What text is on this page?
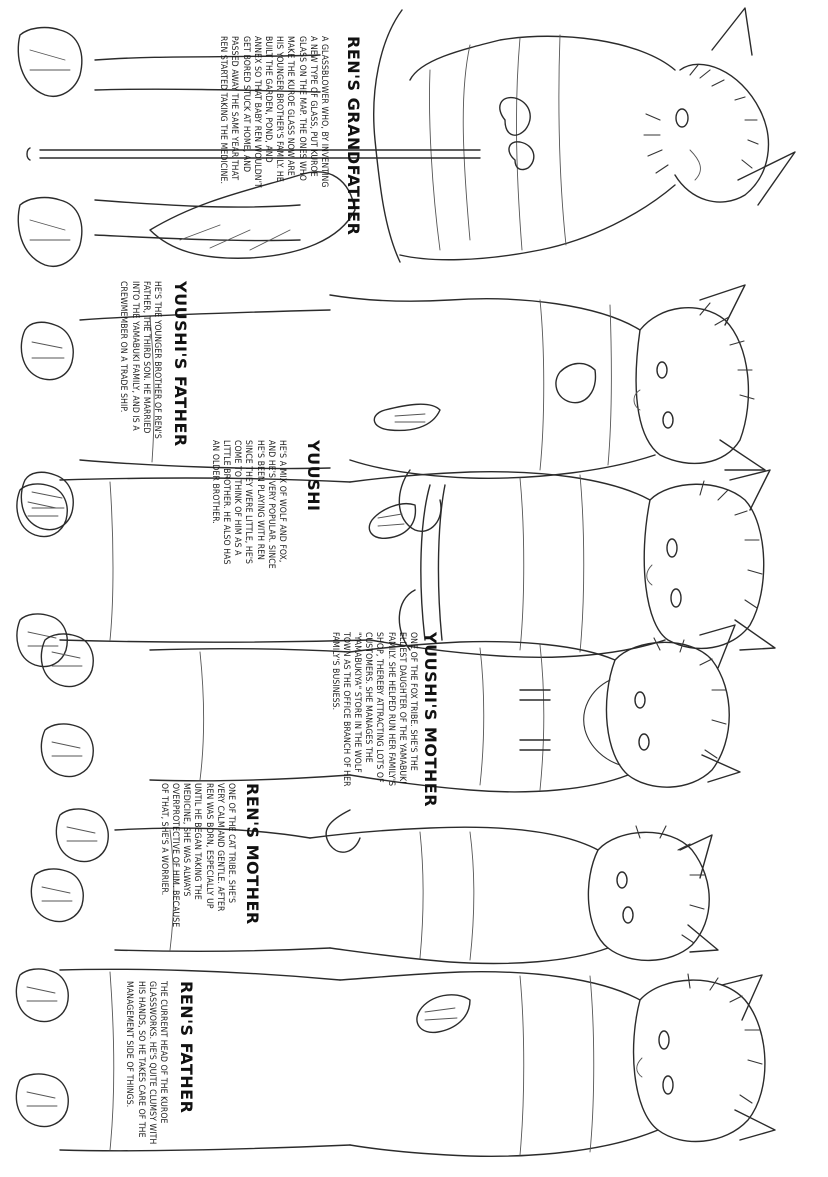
REN'S GRANDFATHER
A GLASSBLOWER WHO, BY INVENTING
A NEW TYPE OF GLASS, PUT KUROE
GLASS ON THE MAP. THE ONES WHO
MAKE THE KUROE GLASS NOW ARE
HIS YOUNGER BROTHER'S FAMILY. HE
BUILT THE GARDEN, POND, AND
ANNEX SO THAT BABY REN WOULDN'T
GET BORED STUCK AT HOME, AND
PASSED AWAY THE SAME YEAR THAT
REN STARTED TAKING THE MEDICINE.
YUUSHI'S FATHER
HE'S THE YOUNGER BROTHER OF REN'S
FATHER, THE THIRD SON. HE MARRIED
INTO THE YAMABUKI FAMILY, AND IS A
CREWMEMBER ON A TRADE SHIP.
YUUSHI
HE'S A MIX OF WOLF AND FOX,
AND HE'S VERY POPULAR. SINCE
HE'S BEEN PLAYING WITH REN
SINCE THEY WERE LITTLE, HE'S
COME TO THINK OF HIM AS A
LITTLE BROTHER. HE ALSO HAS
AN OLDER BROTHER.
YUUSHI'S MOTHER
ONE OF THE FOX TRIBE. SHE'S THE
ELDEST DAUGHTER OF THE YAMABUKI
FAMILY. SHE HELPED RUN HER FAMILY'S
SHOP, THEREBY ATTRACTING LOTS OF
CUSTOMERS. SHE MANAGES THE
"YAMABUKIYA" STORE IN THE WOLF
TOWN AS THE OFFICE BRANCH OF HER
FAMILY'S BUSINESS.
REN'S MOTHER
ONE OF THE CAT TRIBE. SHE'S
VERY CALM AND GENTLE. AFTER
REN WAS BORN, ESPECIALLY UP
UNTIL HE BEGAN TAKING THE
MEDICINE, SHE WAS ALWAYS
OVERPROTECTIVE OF HIM. BECAUSE
OF THAT, SHE'S A WORRIER.
REN'S FATHER
THE CURRENT HEAD OF THE KUROE
GLASSWORKS. HE'S QUITE CLUMSY WITH
HIS HANDS, SO HE TAKES CARE OF THE
MANAGEMENT SIDE OF THINGS.
